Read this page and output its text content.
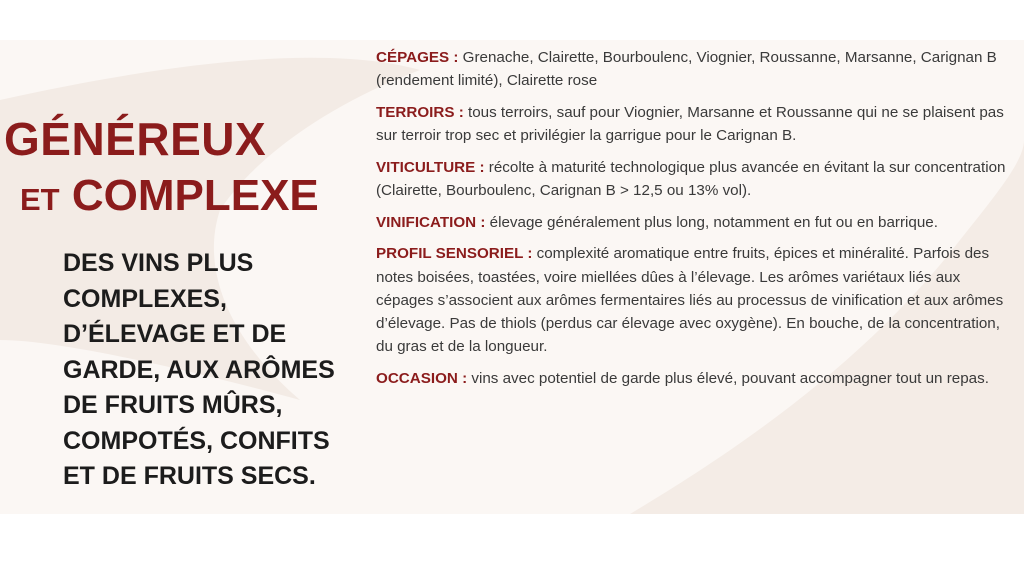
GÉNÉREUX
ET COMPLEXE

DES VINS PLUS COMPLEXES, D’ÉLEVAGE ET DE GARDE, AUX ARÔMES DE FRUITS MÛRS, COMPOTÉS, CONFITS ET DE FRUITS SECS.

CÉPAGES : Grenache, Clairette, Bourboulenc, Viognier, Roussanne, Marsanne, Carignan B (rendement limité), Clairette rose

TERROIRS : tous terroirs, sauf pour Viognier, Marsanne et Roussanne qui ne se plaisent pas sur terroir trop sec et privilégier la garrigue pour le Carignan B.

VITICULTURE : récolte à maturité technologique plus avancée en évitant la sur concentration (Clairette, Bourboulenc, Carignan B > 12,5 ou 13% vol).

VINIFICATION : élevage généralement plus long, notamment en fut ou en barrique.

PROFIL SENSORIEL : complexité aromatique entre fruits, épices et minéralité. Parfois des notes boisées, toastées, voire miellées dûes à l’élevage. Les arômes variétaux liés aux cépages s’associent aux arômes fermentaires liés au processus de vinification et aux arômes d’élevage. Pas de thiols (perdus car élevage avec oxygène). En bouche, de la concentration, du gras et de la longueur.

OCCASION : vins avec potentiel de garde plus élevé, pouvant accompagner tout un repas.
